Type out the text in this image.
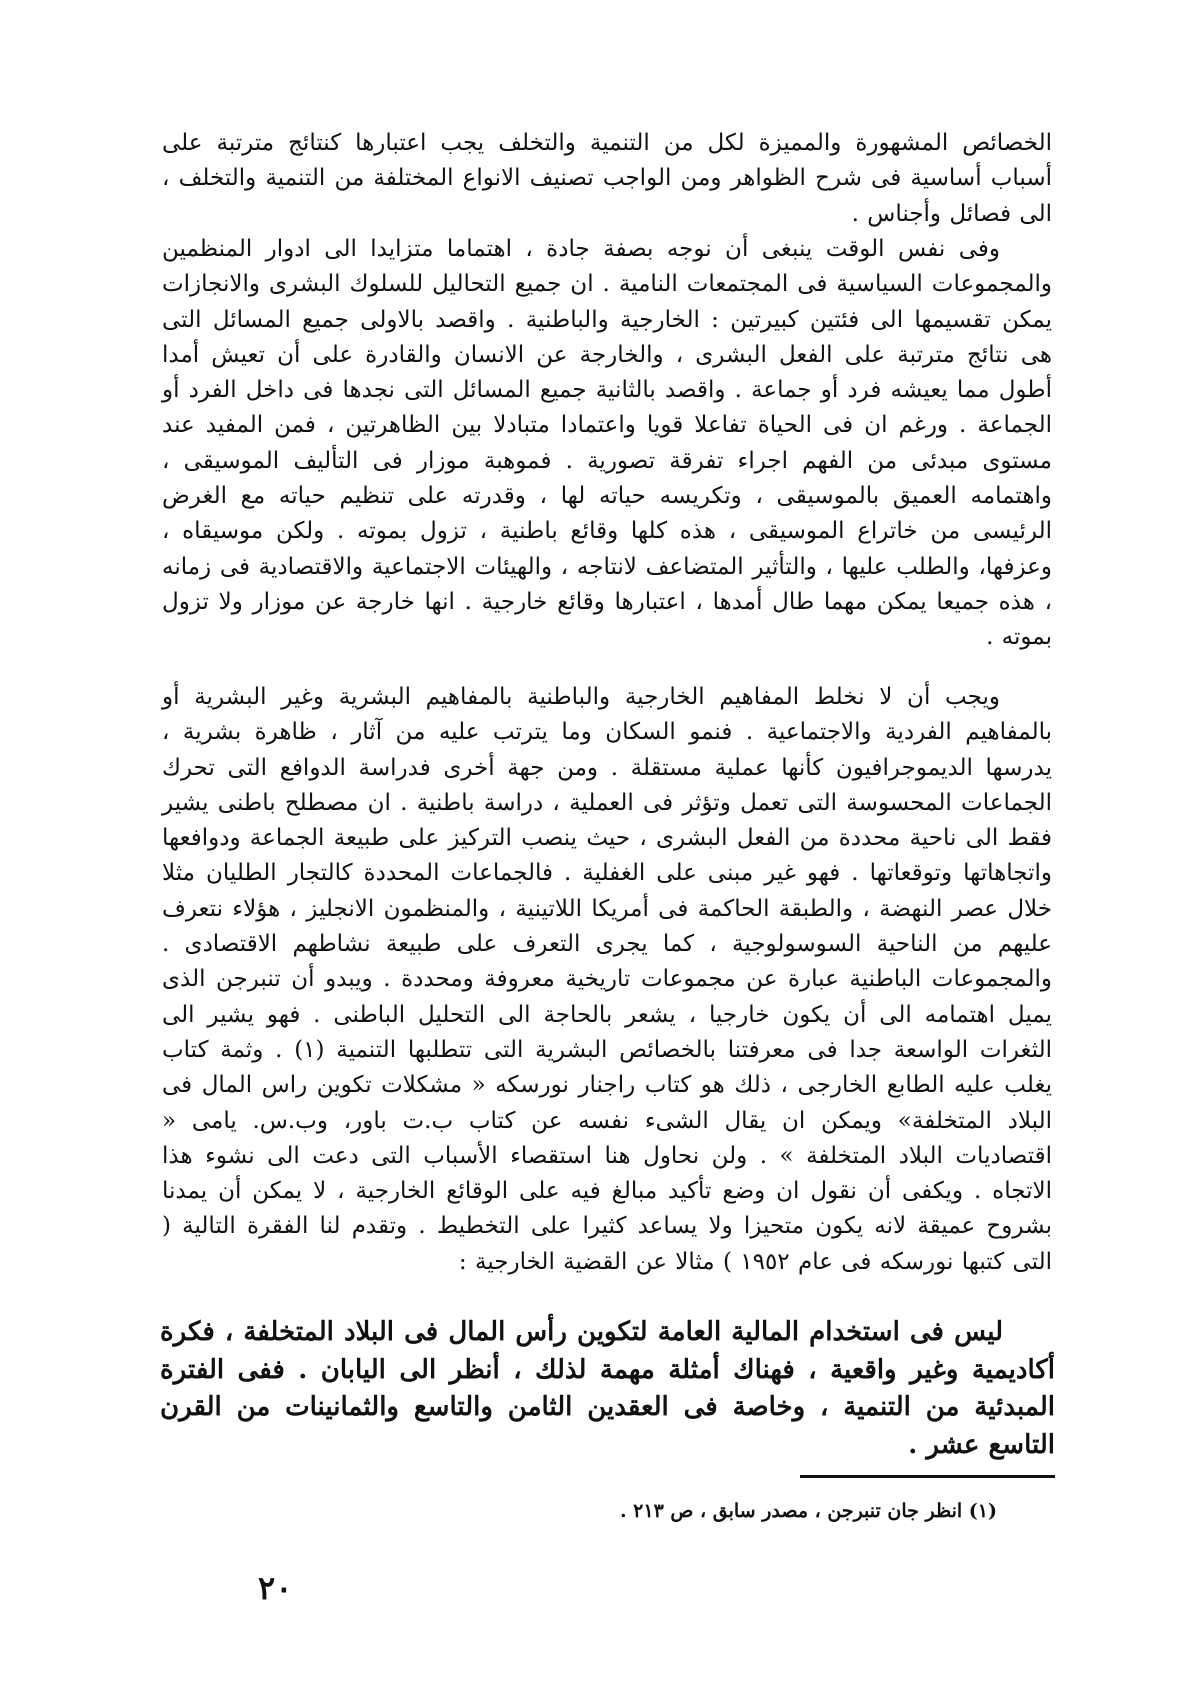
الخصائص المشهورة والمميزة لكل من التنمية والتخلف يجب اعتبارها كنتائج مترتبة على أسباب أساسية فى شرح الظواهر ومن الواجب تصنيف الانواع المختلفة من التنمية والتخلف ، الى فصائل وأجناس .

وفى نفس الوقت ينبغى أن نوجه بصفة جادة ، اهتماما متزايدا الى ادوار المنظمين والمجموعات السياسية فى المجتمعات النامية . ان جميع التحاليل للسلوك البشرى والانجازات يمكن تقسيمها الى فئتين كبيرتين : الخارجية والباطنية . واقصد بالاولى جميع المسائل التى هى نتائج مترتبة على الفعل البشرى ، والخارجة عن الانسان والقادرة على أن تعيش أمدا أطول مما يعيشه فرد أو جماعة . واقصد بالثانية جميع المسائل التى نجدها فى داخل الفرد أو الجماعة . ورغم ان فى الحياة تفاعلا قويا واعتمادا متبادلا بين الظاهرتين ، فمن المفيد عند مستوى مبدئى من الفهم اجراء تفرقة تصورية . فموهبة موزار فى التأليف الموسيقى ، واهتمامه العميق بالموسيقى ، وتكريسه حياته لها ، وقدرته على تنظيم حياته مع الغرض الرئيسى من خاتراع الموسيقى ، هذه كلها وقائع باطنية ، تزول بموته . ولكن موسيقاه ، وعزفها، والطلب عليها ، والتأثير المتضاعف لانتاجه ، والهيئات الاجتماعية والاقتصادية فى زمانه ، هذه جميعا يمكن مهما طال أمدها ، اعتبارها وقائع خارجية . انها خارجة عن موزار ولا تزول بموته .

ويجب أن لا نخلط المفاهيم الخارجية والباطنية بالمفاهيم البشرية وغير البشرية أو بالمفاهيم الفردية والاجتماعية . فنمو السكان وما يترتب عليه من آثار ، ظاهرة بشرية ، يدرسها الديموجرافيون كأنها عملية مستقلة . ومن جهة أخرى فدراسة الدوافع التى تحرك الجماعات المحسوسة التى تعمل وتؤثر فى العملية ، دراسة باطنية . ان مصطلح باطنى يشير فقط الى ناحية محددة من الفعل البشرى ، حيث ينصب التركيز على طبيعة الجماعة ودوافعها واتجاهاتها وتوقعاتها . فهو غير مبنى على الغفلية . فالجماعات المحددة كالتجار الطليان مثلا خلال عصر النهضة ، والطبقة الحاكمة فى أمريكا اللاتينية ، والمنظمون الانجليز ، هؤلاء نتعرف عليهم من الناحية السوسولوجية ، كما يجرى التعرف على طبيعة نشاطهم الاقتصادى . والمجموعات الباطنية عبارة عن مجموعات تاريخية معروفة ومحددة . ويبدو أن تنبرجن الذى يميل اهتمامه الى أن يكون خارجيا ، يشعر بالحاجة الى التحليل الباطنى . فهو يشير الى الثغرات الواسعة جدا فى معرفتنا بالخصائص البشرية التى تتطلبها التنمية (١) . وثمة كتاب يغلب عليه الطابع الخارجى ، ذلك هو كتاب راجنار نورسكه « مشكلات تكوين راس المال فى البلاد المتخلفة» ويمكن ان يقال الشىء نفسه عن كتاب ب.ت باور، وب.س. يامى « اقتصاديات البلاد المتخلفة » . ولن نحاول هنا استقصاء الأسباب التى دعت الى نشوء هذا الاتجاه . ويكفى أن نقول ان وضع تأكيد مبالغ فيه على الوقائع الخارجية ، لا يمكن أن يمدنا بشروح عميقة لانه يكون متحيزا ولا يساعد كثيرا على التخطيط . وتقدم لنا الفقرة التالية ( التى كتبها نورسكه فى عام ١٩٥٢ ) مثالا عن القضية الخارجية :

ليس فى استخدام المالية العامة لتكوين رأس المال فى البلاد المتخلفة ، فكرة أكاديمية وغير واقعية ، فهناك أمثلة مهمة لذلك ، أنظر الى اليابان . ففى الفترة المبدئية من التنمية ، وخاصة فى العقدين الثامن والتاسع والثمانينات من القرن التاسع عشر .

(١) انظر جان تنبرجن ، مصدر سابق ، ص ٢١٣ .
٢٠
